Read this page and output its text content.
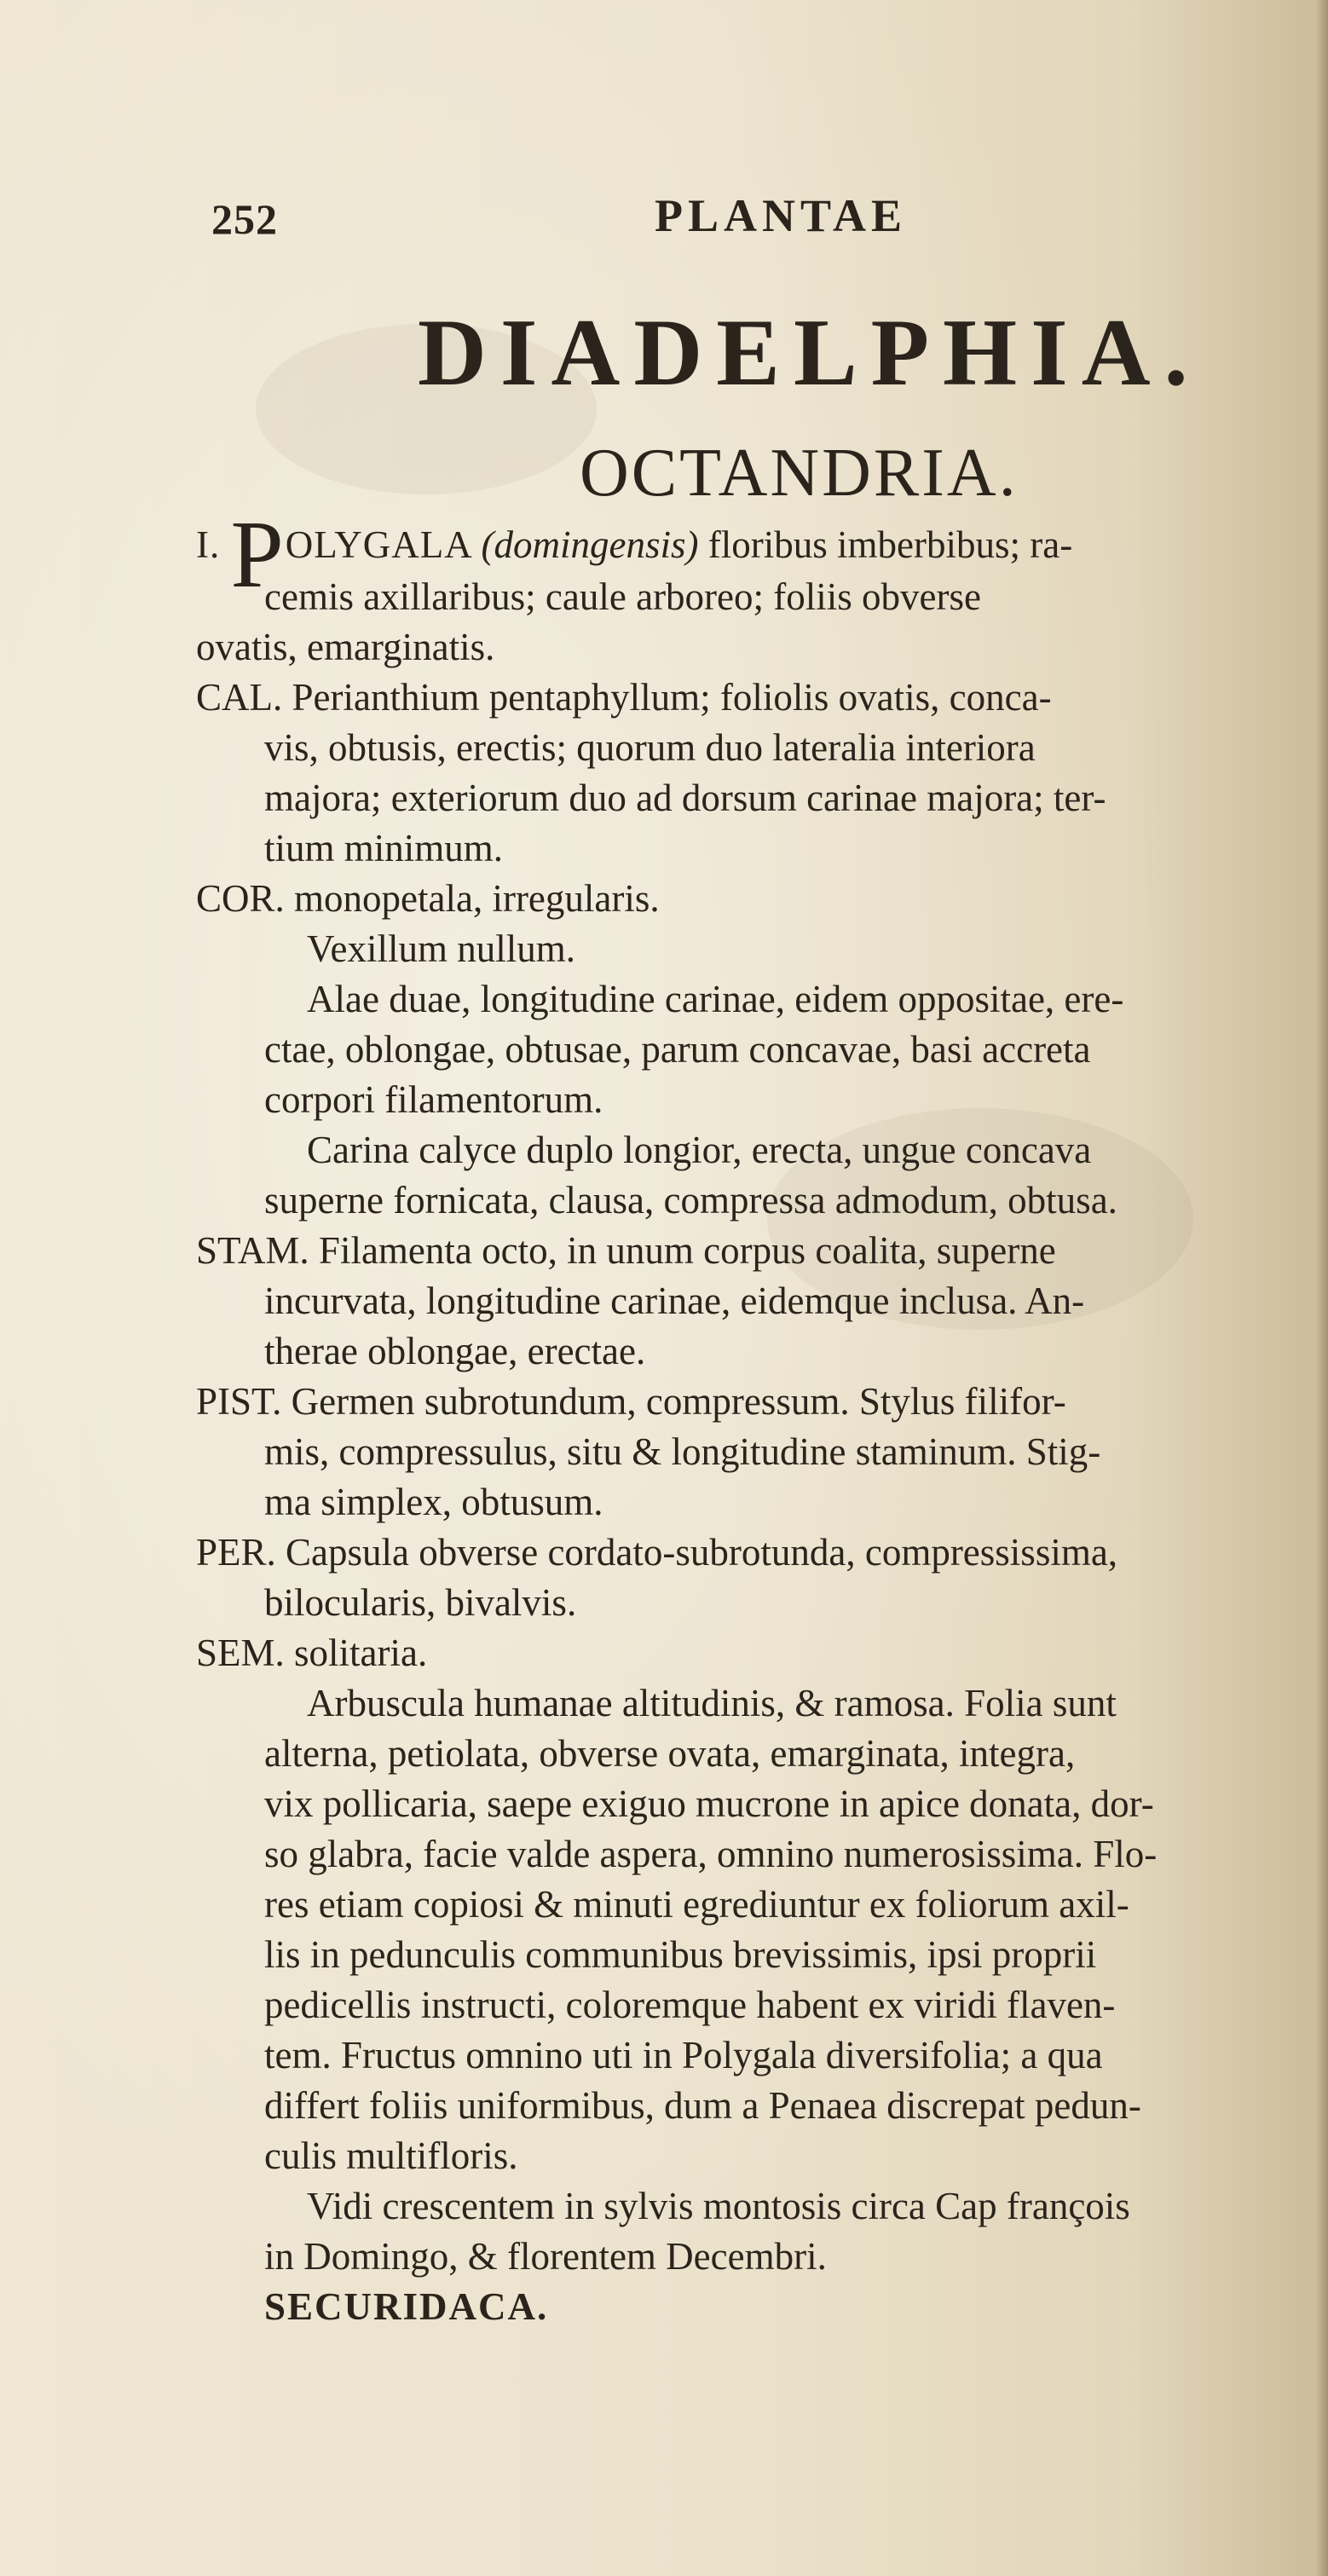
252	PLANTAE
DIADELPHIA.
OCTANDRIA.

I. POLYGALA (domingensis) floribus imberbibus; ra-

cemis axillaribus; caule arboreo; foliis obverse

ovatis, emarginatis.

CAL. Perianthium pentaphyllum; foliolis ovatis, conca-

vis, obtusis, erectis; quorum duo lateralia interiora

majora; exteriorum duo ad dorsum carinae majora; ter-

tium minimum.

COR. monopetala, irregularis.

Vexillum nullum.

Alae duae, longitudine carinae, eidem oppositae, ere-

ctae, oblongae, obtusae, parum concavae, basi accreta

corpori filamentorum.

Carina calyce duplo longior, erecta, ungue concava

superne fornicata, clausa, compressa admodum, obtusa.

STAM. Filamenta octo, in unum corpus coalita, superne

incurvata, longitudine carinae, eidemque inclusa. An-

therae oblongae, erectae.

PIST. Germen subrotundum, compressum. Stylus filifor-

mis, compressulus, situ & longitudine staminum. Stig-

ma simplex, obtusum.

PER. Capsula obverse cordato-subrotunda, compressissima,

bilocularis, bivalvis.

SEM. solitaria.

Arbuscula humanae altitudinis, & ramosa. Folia sunt

alterna, petiolata, obverse ovata, emarginata, integra,

vix pollicaria, saepe exiguo mucrone in apice donata, dor-

so glabra, facie valde aspera, omnino numerosissima. Flo-

res etiam copiosi & minuti egrediuntur ex foliorum axil-

lis in pedunculis communibus brevissimis, ipsi proprii

pedicellis instructi, coloremque habent ex viridi flaven-

tem. Fructus omnino uti in Polygala diversifolia; a qua

differt foliis uniformibus, dum a Penaea discrepat pedun-

culis multifloris.

Vidi crescentem in sylvis montosis circa Cap françois

in Domingo, & florentem Decembri.

SECURIDACA.
